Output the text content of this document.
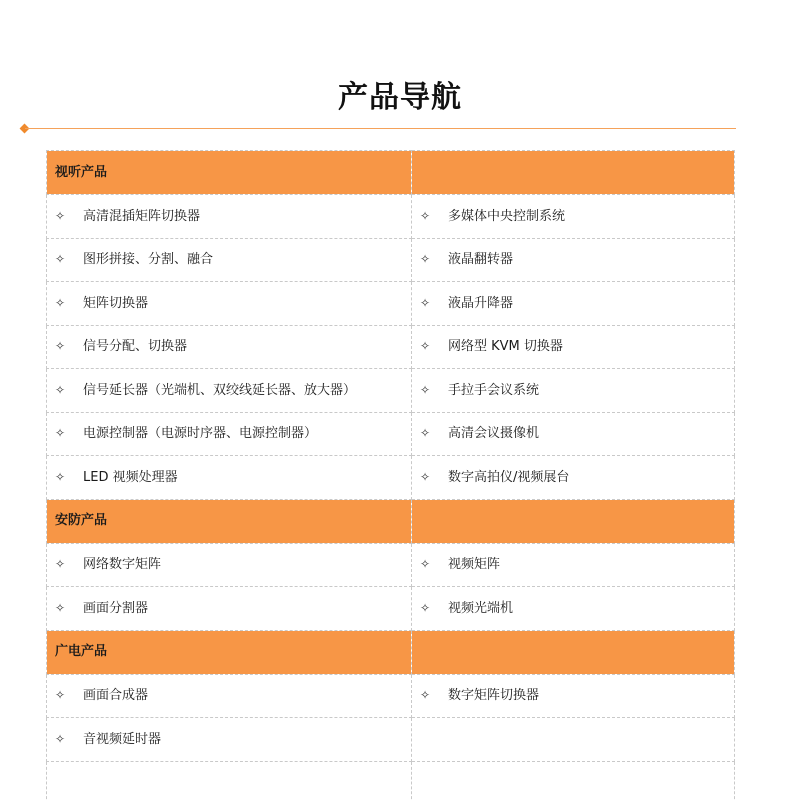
产品导航
视听产品	
✧ 高清混插矩阵切换器	✧ 多媒体中央控制系统
✧ 图形拼接、分割、融合	✧ 液晶翻转器
✧ 矩阵切换器	✧ 液晶升降器
✧ 信号分配、切换器	✧ 网络型 KVM 切换器
✧ 信号延长器（光端机、双绞线延长器、放大器）	✧ 手拉手会议系统
✧ 电源控制器（电源时序器、电源控制器）	✧ 高清会议摄像机
✧ LED 视频处理器	✧ 数字高拍仪/视频展台
安防产品	
✧ 网络数字矩阵	✧ 视频矩阵
✧ 画面分割器	✧ 视频光端机
广电产品	
✧ 画面合成器	✧ 数字矩阵切换器
✧ 音视频延时器	
